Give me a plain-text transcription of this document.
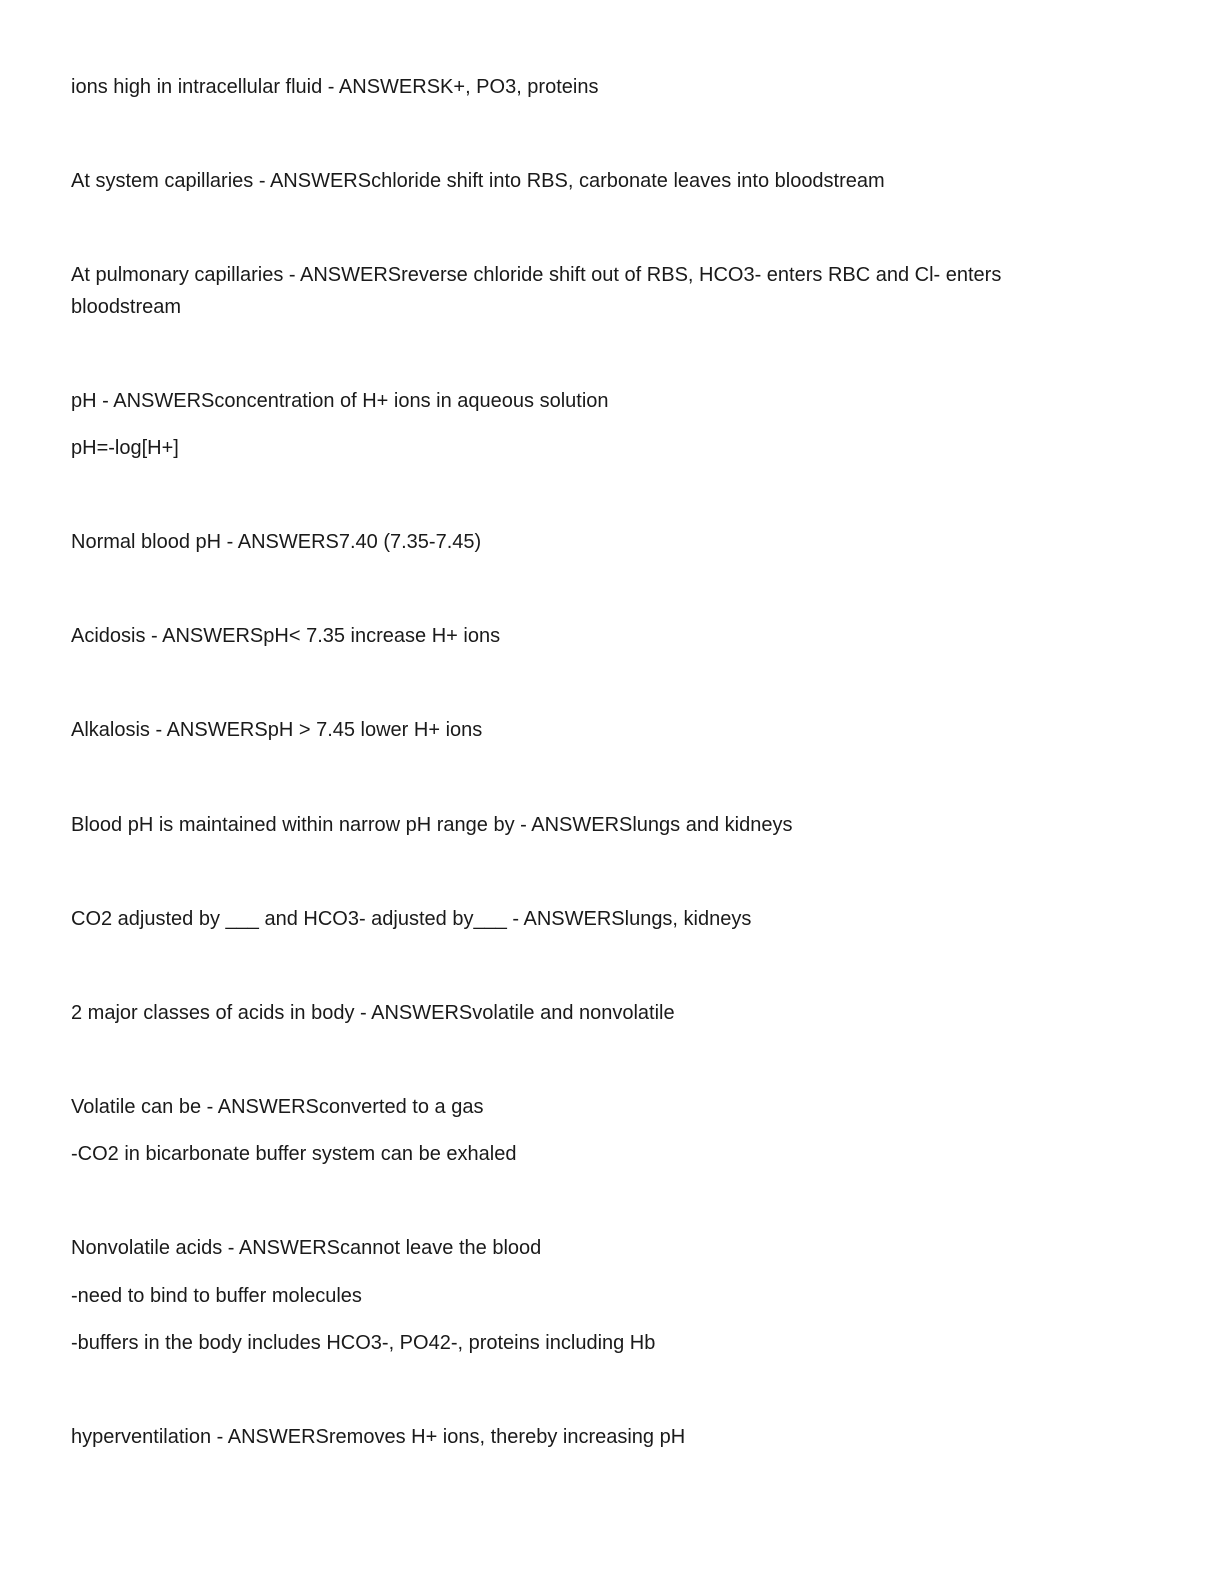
ions high in intracellular fluid - ANSWERSK+, PO3, proteins
At system capillaries - ANSWERSchloride shift into RBS, carbonate leaves into bloodstream
At pulmonary capillaries - ANSWERSreverse chloride shift out of RBS, HCO3- enters RBC and Cl- enters
bloodstream
pH - ANSWERSconcentration of H+ ions in aqueous solution
pH=-log[H+]
Normal blood pH - ANSWERS7.40 (7.35-7.45)
Acidosis - ANSWERSpH< 7.35 increase H+ ions
Alkalosis - ANSWERSpH > 7.45 lower H+ ions
Blood pH is maintained within narrow pH range by - ANSWERSlungs and kidneys
CO2 adjusted by ___ and HCO3- adjusted by___ - ANSWERSlungs, kidneys
2 major classes of acids in body - ANSWERSvolatile and nonvolatile
Volatile can be - ANSWERSconverted to a gas
-CO2 in bicarbonate buffer system can be exhaled
Nonvolatile acids - ANSWERScannot leave the blood
-need to bind to buffer molecules
-buffers in the body includes HCO3-, PO42-, proteins including Hb
hyperventilation - ANSWERSremoves H+ ions, thereby increasing pH
